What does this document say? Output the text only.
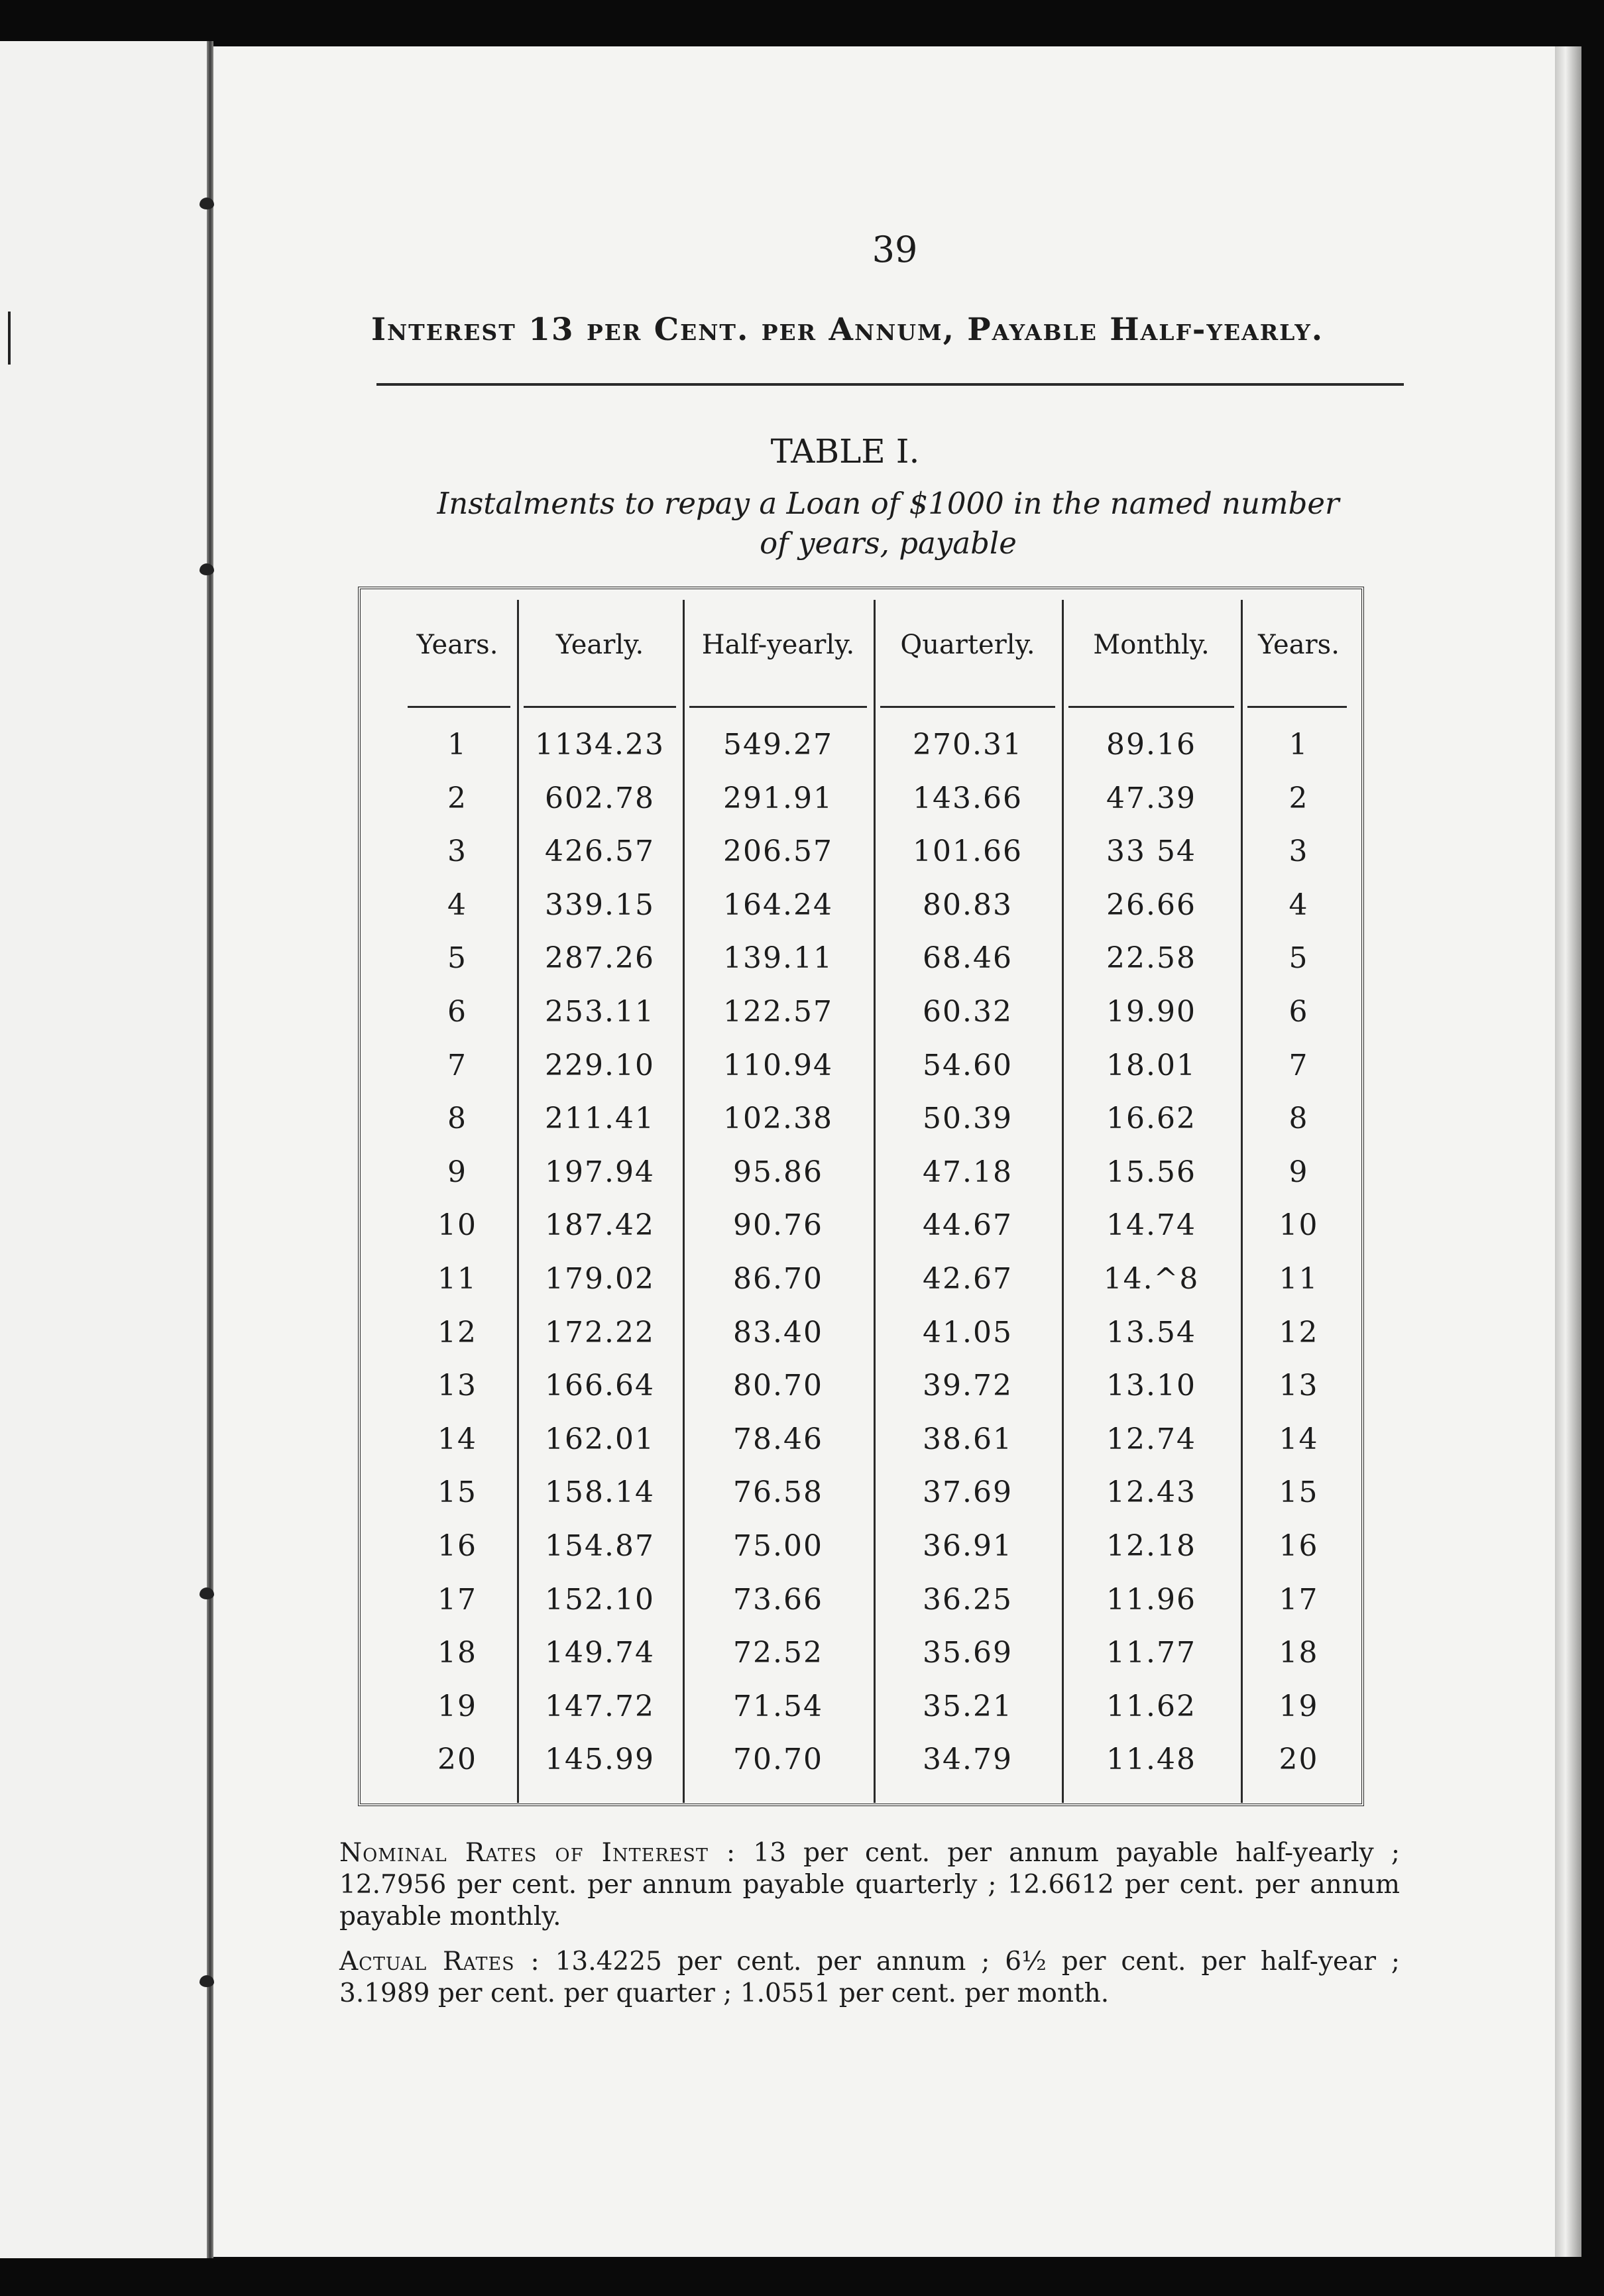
39
Interest 13 per Cent. per Annum, Payable Half-yearly.
TABLE I.
Instalments to repay a Loan of $1000 in the named number
of years, payable
Years.	Yearly.	Half-yearly.	Quarterly.	Monthly.	Years.
1	1134.23	549.27	270.31	89.16	1
2	602.78	291.91	143.66	47.39	2
3	426.57	206.57	101.66	33 54	3
4	339.15	164.24	80.83	26.66	4
5	287.26	139.11	68.46	22.58	5
6	253.11	122.57	60.32	19.90	6
7	229.10	110.94	54.60	18.01	7
8	211.41	102.38	50.39	16.62	8
9	197.94	95.86	47.18	15.56	9
10	187.42	90.76	44.67	14.74	10
11	179.02	86.70	42.67	14.^8	11
12	172.22	83.40	41.05	13.54	12
13	166.64	80.70	39.72	13.10	13
14	162.01	78.46	38.61	12.74	14
15	158.14	76.58	37.69	12.43	15
16	154.87	75.00	36.91	12.18	16
17	152.10	73.66	36.25	11.96	17
18	149.74	72.52	35.69	11.77	18
19	147.72	71.54	35.21	11.62	19
20	145.99	70.70	34.79	11.48	20

Nominal Rates of Interest : 13 per cent. per annum payable half-yearly ; 12.7956 per cent. per annum payable quarterly ; 12.6612 per cent. per annum payable monthly.

Actual Rates : 13.4225 per cent. per annum ; 6½ per cent. per half-year ; 3.1989 per cent. per quarter ; 1.0551 per cent. per month.
